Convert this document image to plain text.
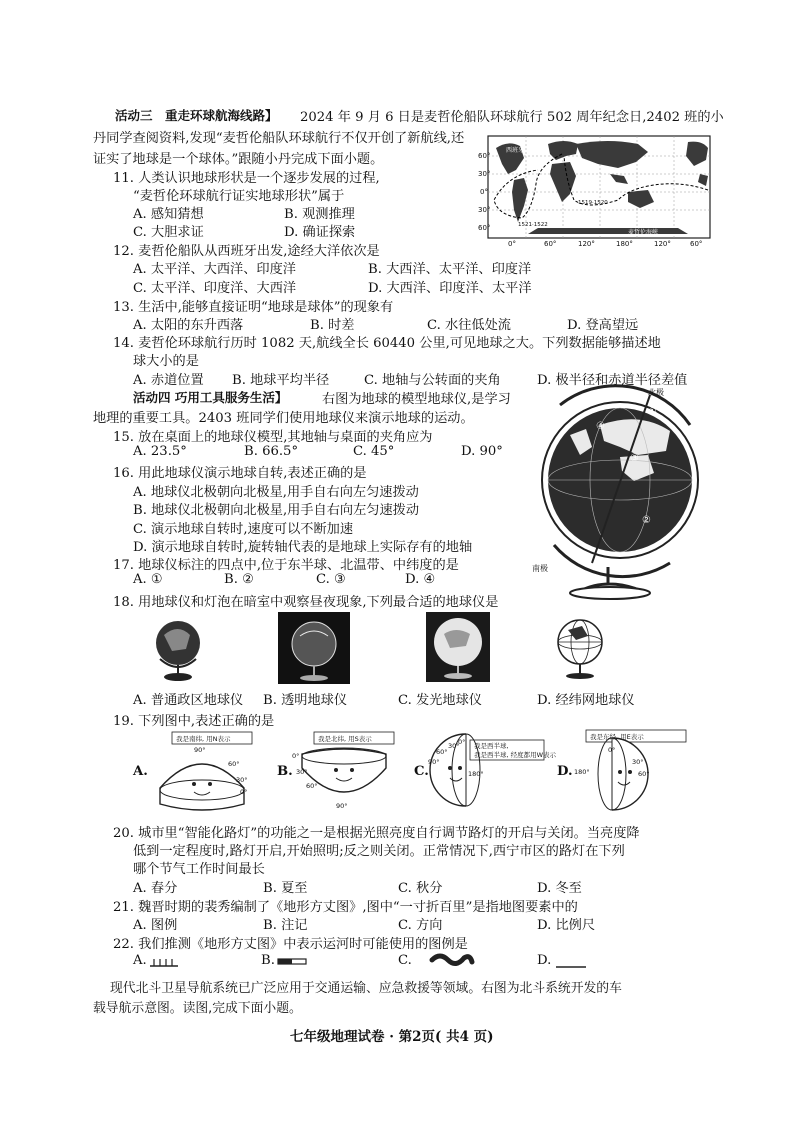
活动三　重走环球航海线路】 2024 年 9 月 6 日是麦哲伦船队环球航行 502 周年纪念日,2402 班的小
丹同学查阅资料,发现“麦哲伦船队环球航行不仅开创了新航线,还
证实了地球是一个球体。”跟随小丹完成下面小题。	60°
30°
0°
30°
60°
0°	60°	120°	180°	120°	60°
西班牙
麦哲伦海峡
1519·1520
1521·1522
11. 人类认识地球形状是一个逐步发展的过程,
“麦哲伦环球航行证实地球形状”属于
A. 感知猜想	B. 观测推理
C. 大胆求证	D. 确证探索
12. 麦哲伦船队从西班牙出发,途经大洋依次是
A. 太平洋、大西洋、印度洋	B. 大西洋、太平洋、印度洋
C. 太平洋、印度洋、大西洋	D. 大西洋、印度洋、太平洋
13. 生活中,能够直接证明“地球是球体”的现象有
A. 太阳的东升西落	B. 时差	C. 水往低处流	D. 登高望远
14. 麦哲伦环球航行历时 1082 天,航线全长 60440 公里,可见地球之大。下列数据能够描述地
球大小的是
A. 赤道位置 B. 地球平均半径	C. 地轴与公转面的夹角	D. 极半径和赤道半径差值
活动四 巧用工具服务生活】	右图为地球的模型地球仪,是学习
地理的重要工具。2403 班同学们使用地球仪来演示地球的运动。
北极
南极
①
②
③
④
15. 放在桌面上的地球仪模型,其地轴与桌面的夹角应为
A. 23.5°	B. 66.5°	C. 45°	D. 90°
16. 用此地球仪演示地球自转,表述正确的是
A. 地球仪北极朝向北极星,用手自右向左匀速拨动
B. 地球仪北极朝向北极星,用手自右向左匀速拨动
C. 演示地球自转时,速度可以不断加速
D. 演示地球自转时,旋转轴代表的是地球上实际存有的地轴
17. 地球仪标注的四点中,位于东半球、北温带、中纬度的是
A. ①	B. ②	C. ③	D. ④
18. 用地球仪和灯泡在暗室中观察昼夜现象,下列最合适的地球仪是
A. 普通政区地球仪 B. 透明地球仪	C. 发光地球仪	D. 经纬网地球仪
19. 下列图中,表述正确的是
A.
我是南纬, 用N表示
90°
60°
30°
0°
B.
我是北纬, 用S表示
0°
30°
60°
90°
C.
我是西半球,
我是西半球, 经度都用W表示
90°
60°
30°
0°
180°	D.
我是东经, 用E表示
180°
0°
30°
60°
20. 城市里“智能化路灯”的功能之一是根据光照亮度自行调节路灯的开启与关闭。当亮度降
低到一定程度时,路灯开启,开始照明;反之则关闭。正常情况下,西宁市区的路灯在下列
哪个节气工作时间最长
A. 春分	B. 夏至	C. 秋分	D. 冬至
21. 魏晋时期的裴秀编制了《地形方丈图》,图中“一寸折百里”是指地图要素中的
A. 图例	B. 注记	C. 方向	D. 比例尺
22. 我们推测《地形方丈图》中表示运河时可能使用的图例是
A.	B.	C.	D.
现代北斗卫星导航系统已广泛应用于交通运输、应急救援等领域。右图为北斗系统开发的车
载导航示意图。读图,完成下面小题。
七年级地理试卷 · 第2页( 共4 页)
